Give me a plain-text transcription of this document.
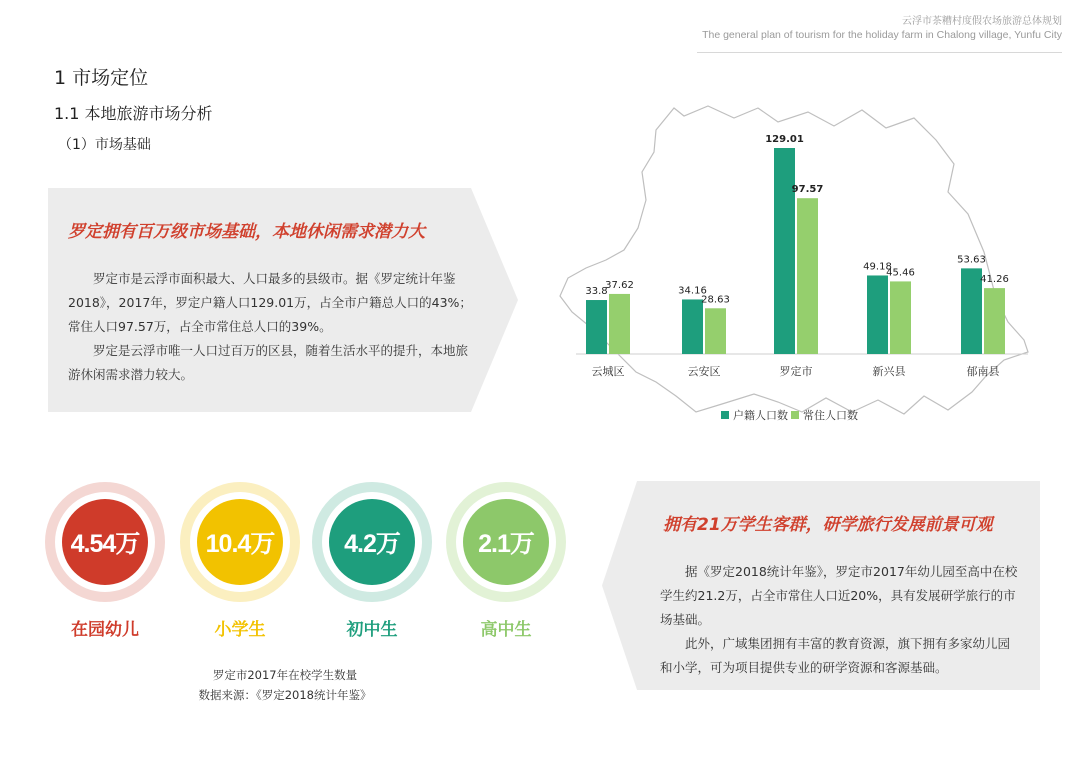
云浮市茶糟村度假农场旅游总体规划
The general plan of tourism for the holiday farm in Chalong village, Yunfu City
1 市场定位
1.1 本地旅游市场分析
（1）市场基础
罗定拥有百万级市场基础，本地休闲需求潜力大

罗定市是云浮市面积最大、人口最多的县级市。据《罗定统计年鉴2018》，2017年，罗定户籍人口129.01万，占全市户籍总人口的43%；常住人口97.57万，占全市常住总人口的39%。

罗定是云浮市唯一人口过百万的区县，随着生活水平的提升，本地旅游休闲需求潜力较大。

33.8
37.62
34.16
28.63
129.01
97.57
49.18
45.46
53.63
41.26
云城区	云安区	罗定市	新兴县	郁南县
户籍人口数 常住人口数
4.54万
在园幼儿
10.4万
小学生
4.2万
初中生
2.1万
高中生
罗定市2017年在校学生数量
数据来源：《罗定2018统计年鉴》
拥有21万学生客群，研学旅行发展前景可观

据《罗定2018统计年鉴》，罗定市2017年幼儿园至高中在校学生约21.2万，占全市常住人口近20%，具有发展研学旅行的市场基础。

此外，广域集团拥有丰富的教育资源，旗下拥有多家幼儿园和小学，可为项目提供专业的研学资源和客源基础。
